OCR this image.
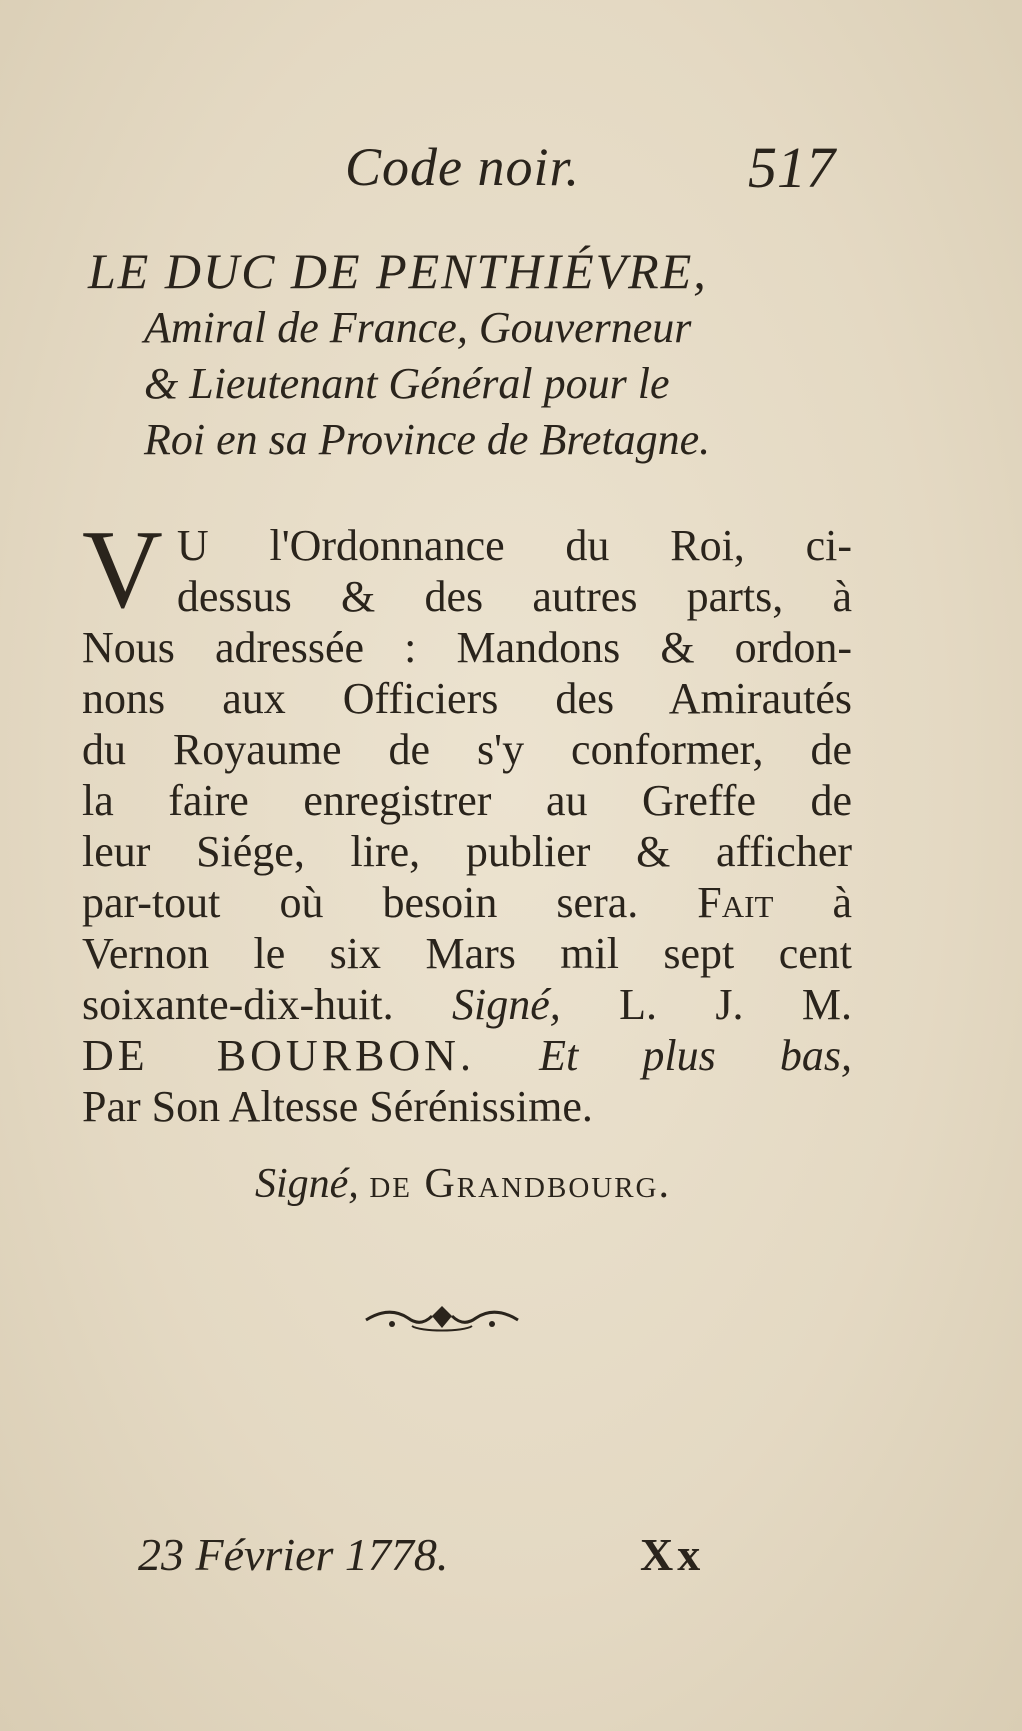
Code noir.	517
LE DUC DE PENTHIÉVRE,
Amiral de France, Gouverneur
& Lieutenant Général pour le
Roi en sa Province de Bretagne.
V U l'Ordonnance du Roi, ci-
dessus & des autres parts, à
Nous adressée : Mandons & ordon-
nons aux Officiers des Amirautés
du Royaume de s'y conformer, de
la faire enregistrer au Greffe de
leur Siége, lire, publier & afficher
par-tout où besoin sera. Fait à
Vernon le six Mars mil sept cent
soixante-dix-huit. Signé, L. J. M.
DE BOURBON. Et plus bas,
Par Son Altesse Sérénissime.
Signé, de Grandbourg.
23 Février 1778.	Xx
